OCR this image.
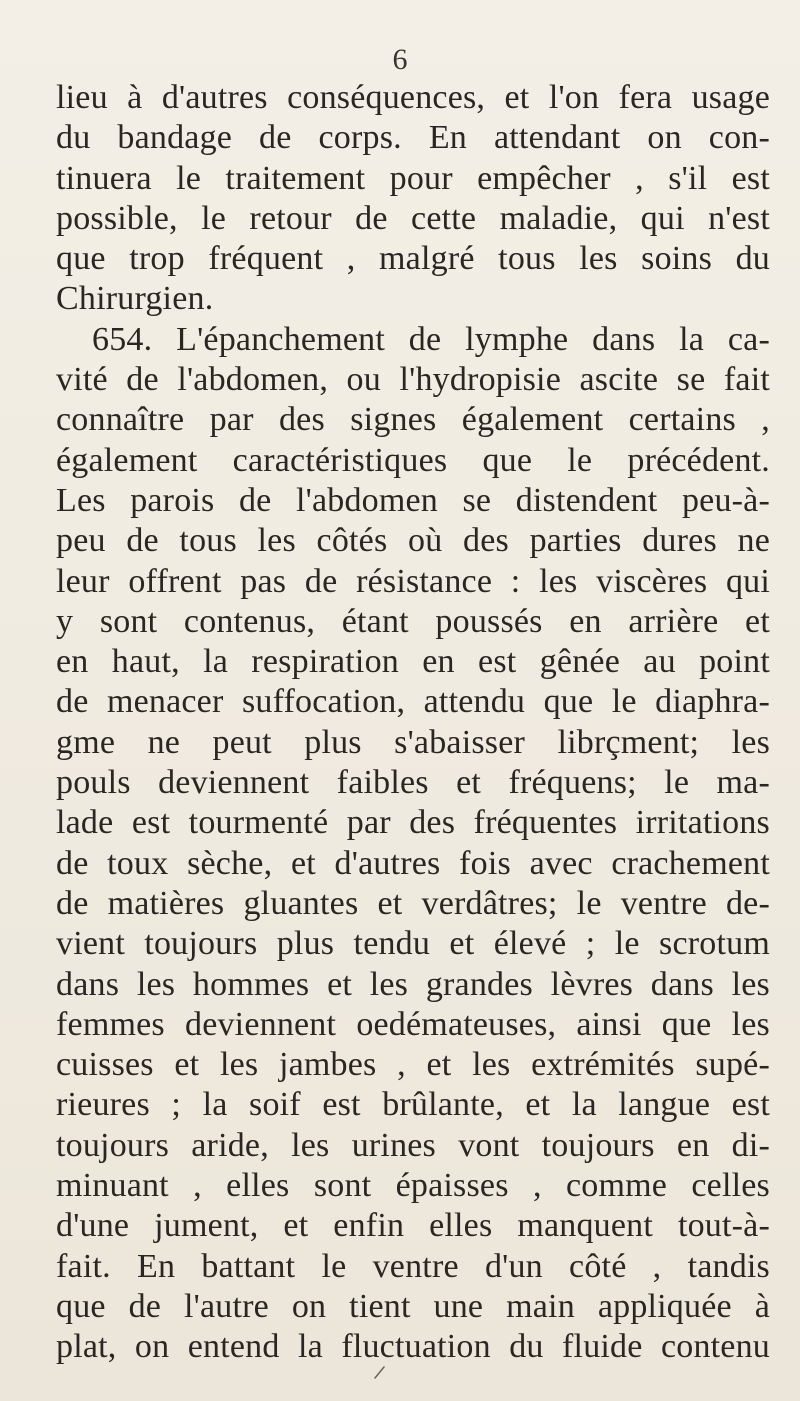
6
lieu à d'autres conséquences, et l'on fera usage
du bandage de corps. En attendant on con-
tinuera le traitement pour empêcher , s'il est
possible, le retour de cette maladie, qui n'est
que trop fréquent , malgré tous les soins du
Chirurgien.
654. L'épanchement de lymphe dans la ca-
vité de l'abdomen, ou l'hydropisie ascite se fait
connaître par des signes également certains ,
également caractéristiques que le précédent.
Les parois de l'abdomen se distendent peu-à-
peu de tous les côtés où des parties dures ne
leur offrent pas de résistance : les viscères qui
y sont contenus, étant poussés en arrière et
en haut, la respiration en est gênée au point
de menacer suffocation, attendu que le diaphra-
gme ne peut plus s'abaisser librçment; les
pouls deviennent faibles et fréquens; le ma-
lade est tourmenté par des fréquentes irritations
de toux sèche, et d'autres fois avec crachement
de matières gluantes et verdâtres; le ventre de-
vient toujours plus tendu et élevé ; le scrotum
dans les hommes et les grandes lèvres dans les
femmes deviennent oedémateuses, ainsi que les
cuisses et les jambes , et les extrémités supé-
rieures ; la soif est brûlante, et la langue est
toujours aride, les urines vont toujours en di-
minuant , elles sont épaisses , comme celles
d'une jument, et enfin elles manquent tout-à-
fait. En battant le ventre d'un côté , tandis
que de l'autre on tient une main appliquée à
plat, on entend la fluctuation du fluide contenu
